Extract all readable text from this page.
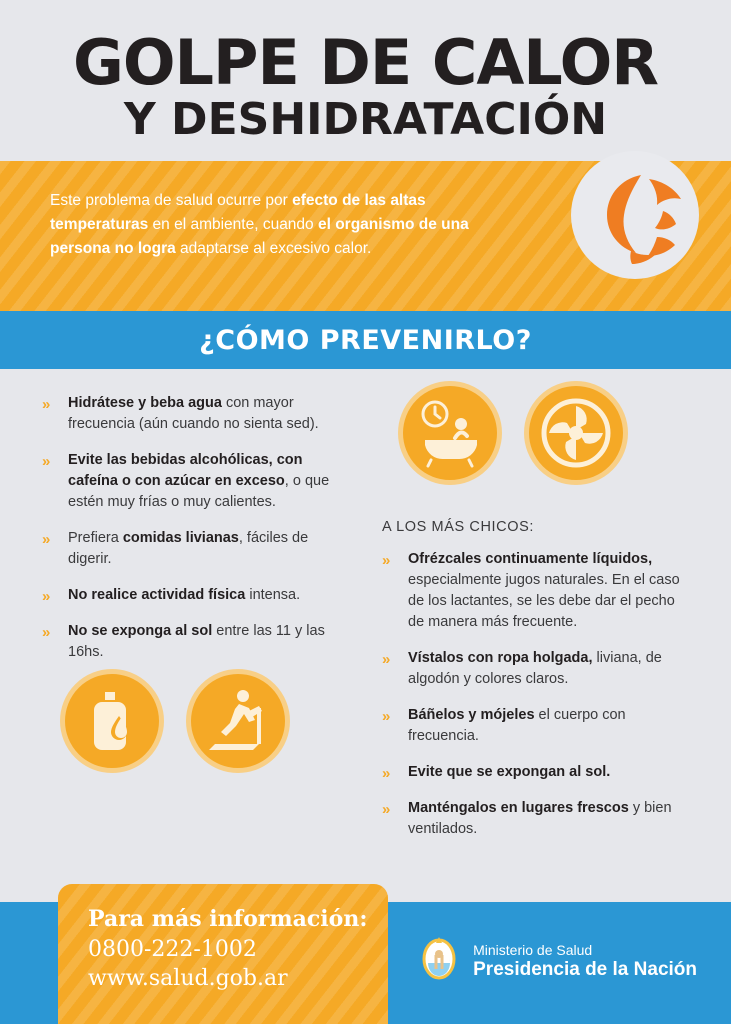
GOLPE DE CALOR
Y DESHIDRATACIÓN
Este problema de salud ocurre por efecto de las altas temperaturas en el ambiente, cuando el organismo de una persona no logra adaptarse al excesivo calor.
¿CÓMO PREVENIRLO?
» Hidrátese y beba agua con mayor frecuencia (aún cuando no sienta sed).
» Evite las bebidas alcohólicas, con cafeína o con azúcar en exceso, o que estén muy frías o muy calientes.
» Prefiera comidas livianas, fáciles de digerir.
» No realice actividad física intensa.
» No se exponga al sol entre las 11 y las 16hs.
A LOS MÁS CHICOS:
» Ofrézcales continuamente líquidos, especialmente jugos naturales. En el caso de los lactantes, se les debe dar el pecho de manera más frecuente.
» Vístalos con ropa holgada, liviana, de algodón y colores claros.
» Báñelos y mójeles el cuerpo con frecuencia.
» Evite que se expongan al sol.
» Manténgalos en lugares frescos y bien ventilados.
Ministerio de Salud
Presidencia de la Nación
Para más información:
0800-222-1002
www.salud.gob.ar
